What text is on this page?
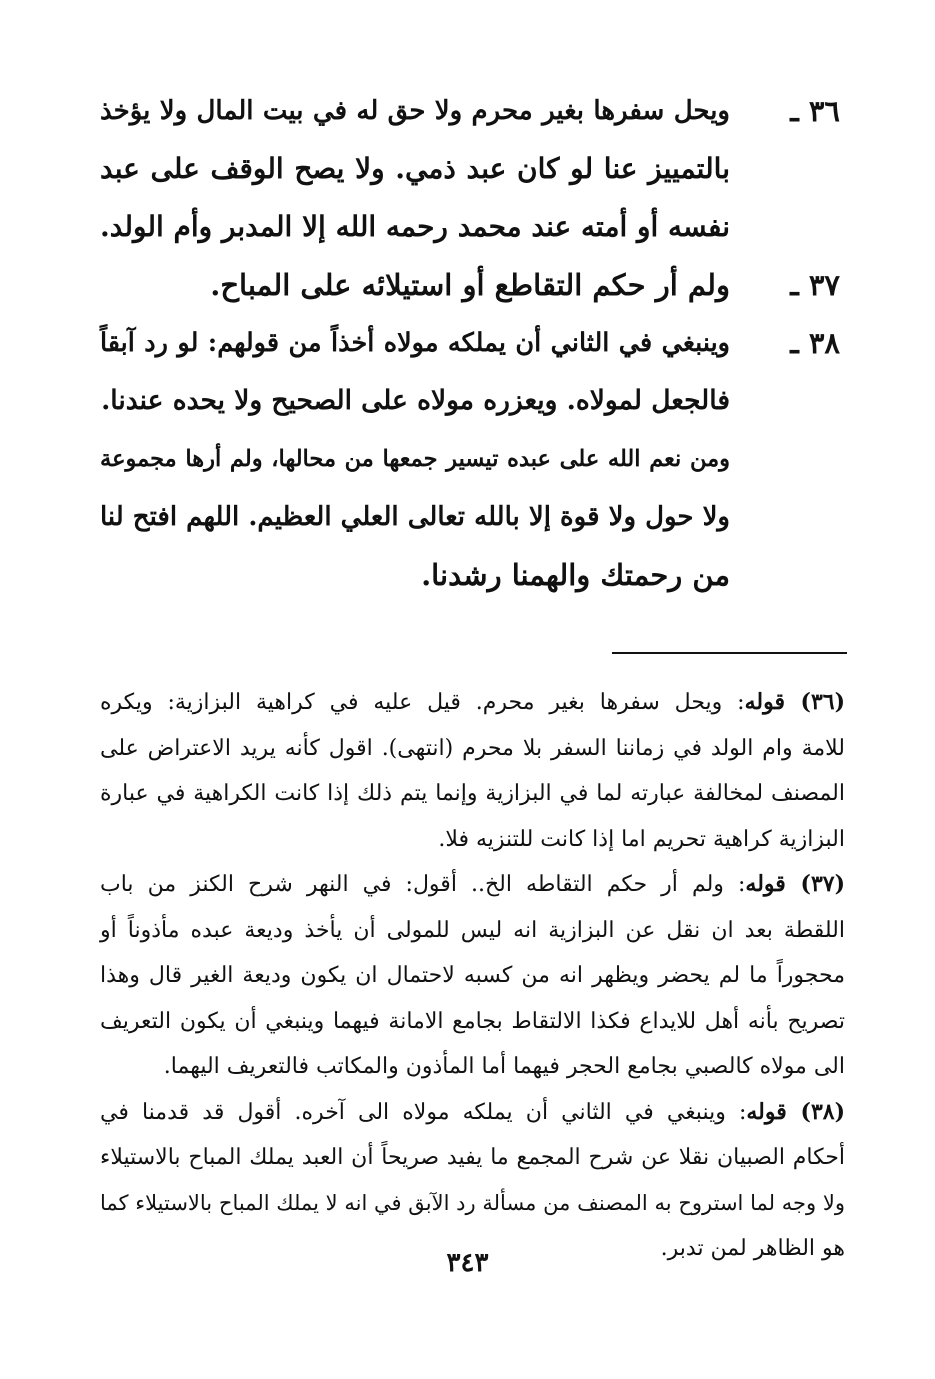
٣٦ ـ
ويحل سفرها بغير محرم ولا حق له في بيت المال ولا يؤخذ
بالتمييز عنا لو كان عبد ذمي. ولا يصح الوقف على عبد
نفسه أو أمته عند محمد رحمه الله إلا المدبر وأم الولد.
٣٧ ـ
ولم أر حكم التقاطع أو استيلائه على المباح.
٣٨ ـ
وينبغي في الثاني أن يملكه مولاه أخذاً من قولهم: لو رد آبقاً
فالجعل لمولاه. ويعزره مولاه على الصحيح ولا يحده عندنا.
ومن نعم الله على عبده تيسير جمعها من محالها، ولم أرها مجموعة
ولا حول ولا قوة إلا بالله تعالى العلي العظيم. اللهم افتح لنا
من رحمتك والهمنا رشدنا.
(٣٦) قوله: ويحل سفرها بغير محرم. قيل عليه في كراهية البزازية: ويكره
للامة وام الولد في زماننا السفر بلا محرم (انتهى). اقول كأنه يريد الاعتراض على
المصنف لمخالفة عبارته لما في البزازية وإنما يتم ذلك إذا كانت الكراهية في عبارة
البزازية كراهية تحريم اما إذا كانت للتنزيه فلا.
(٣٧) قوله: ولم أر حكم التقاطه الخ.. أقول: في النهر شرح الكنز من باب
اللقطة بعد ان نقل عن البزازية انه ليس للمولى أن يأخذ وديعة عبده مأذوناً أو
محجوراً ما لم يحضر ويظهر انه من كسبه لاحتمال ان يكون وديعة الغير قال وهذا
تصريح بأنه أهل للايداع فكذا الالتقاط بجامع الامانة فيهما وينبغي أن يكون التعريف
الى مولاه كالصبي بجامع الحجر فيهما أما المأذون والمكاتب فالتعريف اليهما.
(٣٨) قوله: وينبغي في الثاني أن يملكه مولاه الى آخره. أقول قد قدمنا في
أحكام الصبيان نقلا عن شرح المجمع ما يفيد صريحاً أن العبد يملك المباح بالاستيلاء
ولا وجه لما استروح به المصنف من مسألة رد الآبق في انه لا يملك المباح بالاستيلاء كما
هو الظاهر لمن تدبر.
٣٤٣
